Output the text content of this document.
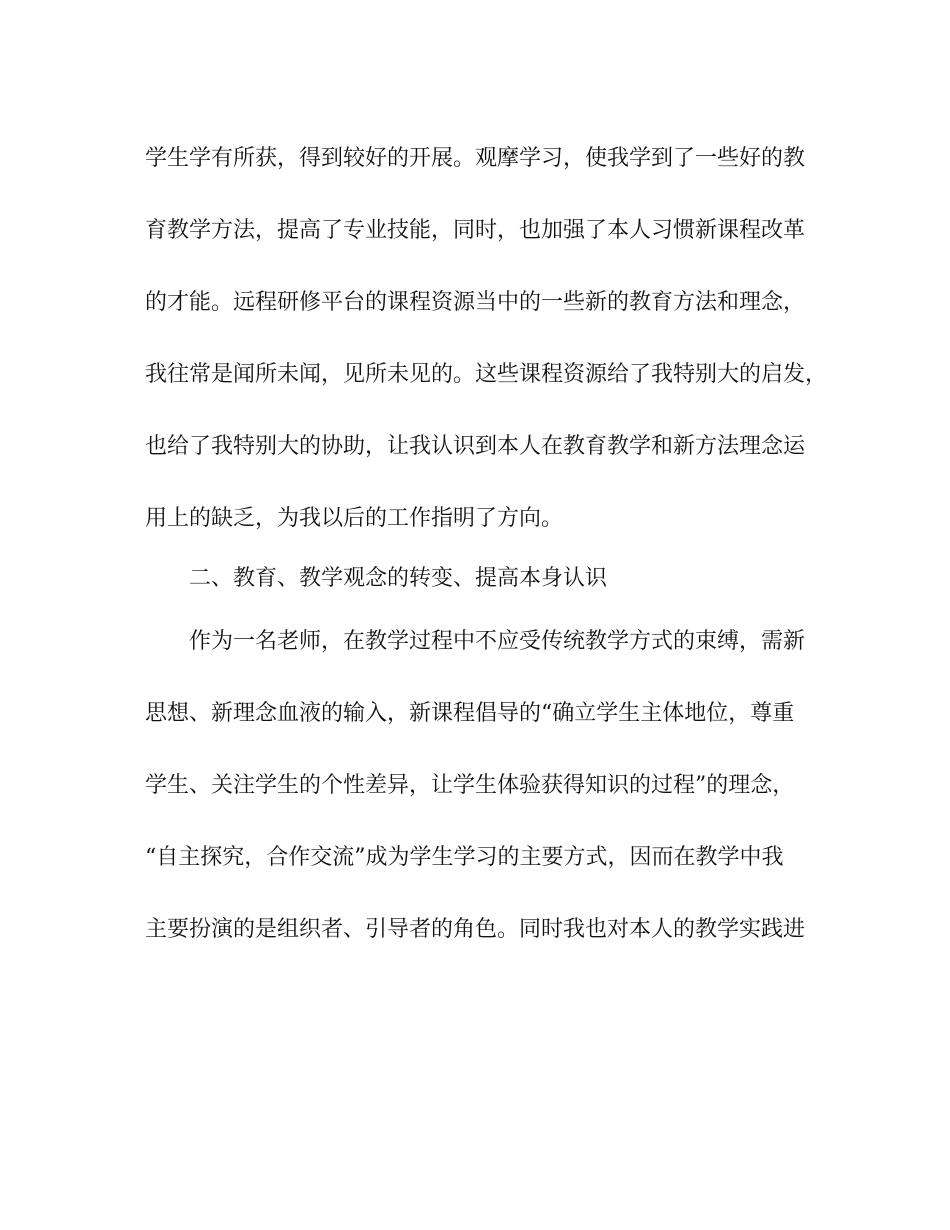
学生学有所获，得到较好的开展。观摩学习，使我学到了一些好的教
育教学方法，提高了专业技能，同时，也加强了本人习惯新课程改革
的才能。远程研修平台的课程资源当中的一些新的教育方法和理念，
我往常是闻所未闻，见所未见的。这些课程资源给了我特别大的启发，
也给了我特别大的协助，让我认识到本人在教育教学和新方法理念运
用上的缺乏，为我以后的工作指明了方向。
二、教育、教学观念的转变、提高本身认识
作为一名老师，在教学过程中不应受传统教学方式的束缚，需新
思想、新理念血液的输入，新课程倡导的“确立学生主体地位，尊重
学生、关注学生的个性差异，让学生体验获得知识的过程”的理念，
“自主探究，合作交流”成为学生学习的主要方式，因而在教学中我
主要扮演的是组织者、引导者的角色。同时我也对本人的教学实践进
